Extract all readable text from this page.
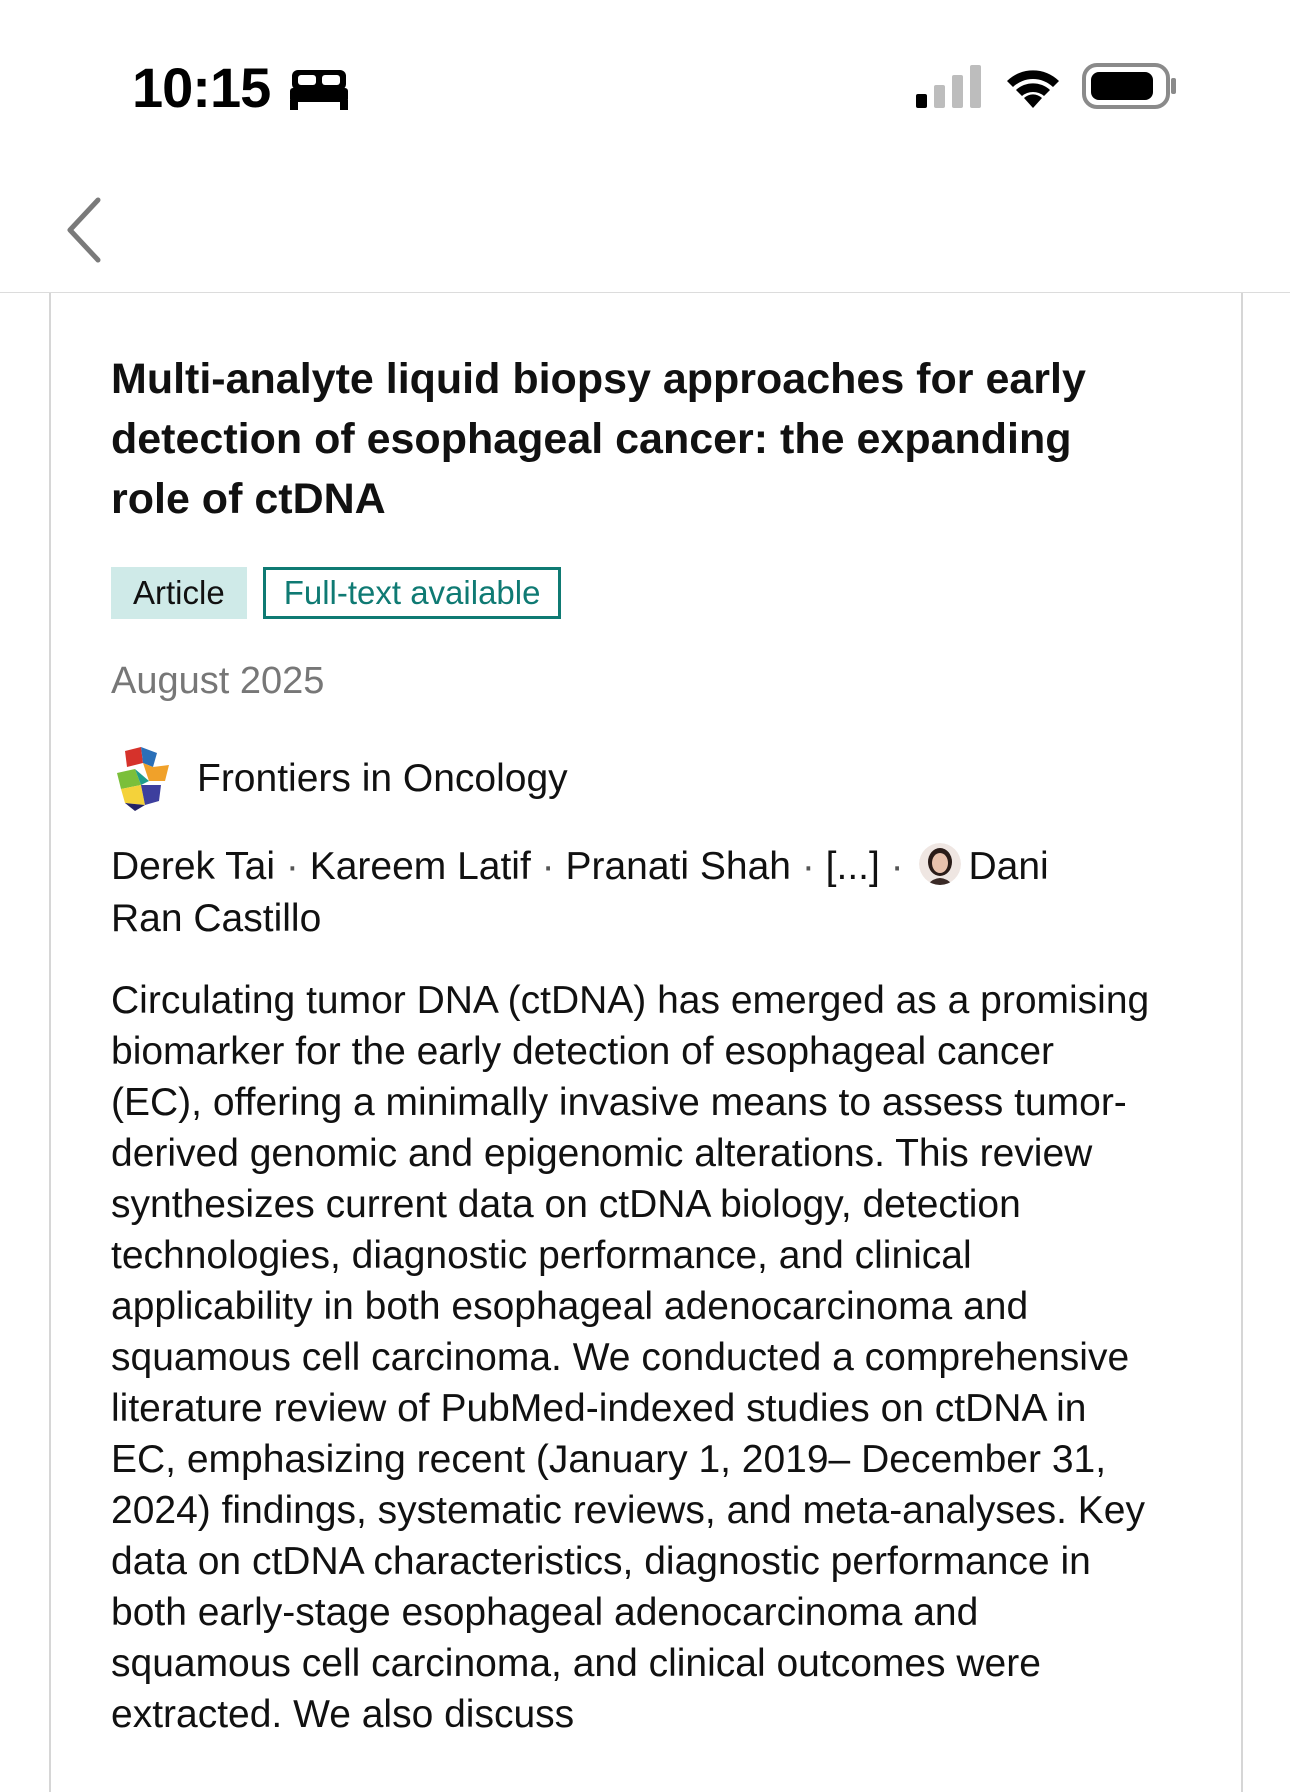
10:15
Multi-analyte liquid biopsy approaches for early detection of esophageal cancer: the expanding role of ctDNA
Article	Full-text available
August 2025
Frontiers in Oncology
Derek Tai · Kareem Latif · Pranati Shah · [...] · Dani Ran Castillo

Circulating tumor DNA (ctDNA) has emerged as a promising biomarker for the early detection of esophageal cancer (EC), offering a minimally invasive means to assess tumor-derived genomic and epigenomic alterations. This review synthesizes current data on ctDNA biology, detection technologies, diagnostic performance, and clinical applicability in both esophageal adenocarcinoma and squamous cell carcinoma. We conducted a comprehensive literature review of PubMed-indexed studies on ctDNA in EC, emphasizing recent (January 1, 2019– December 31, 2024) findings, systematic reviews, and meta-analyses. Key data on ctDNA characteristics, diagnostic performance in both early-stage esophageal adenocarcinoma and squamous cell carcinoma, and clinical outcomes were extracted. We also discuss
